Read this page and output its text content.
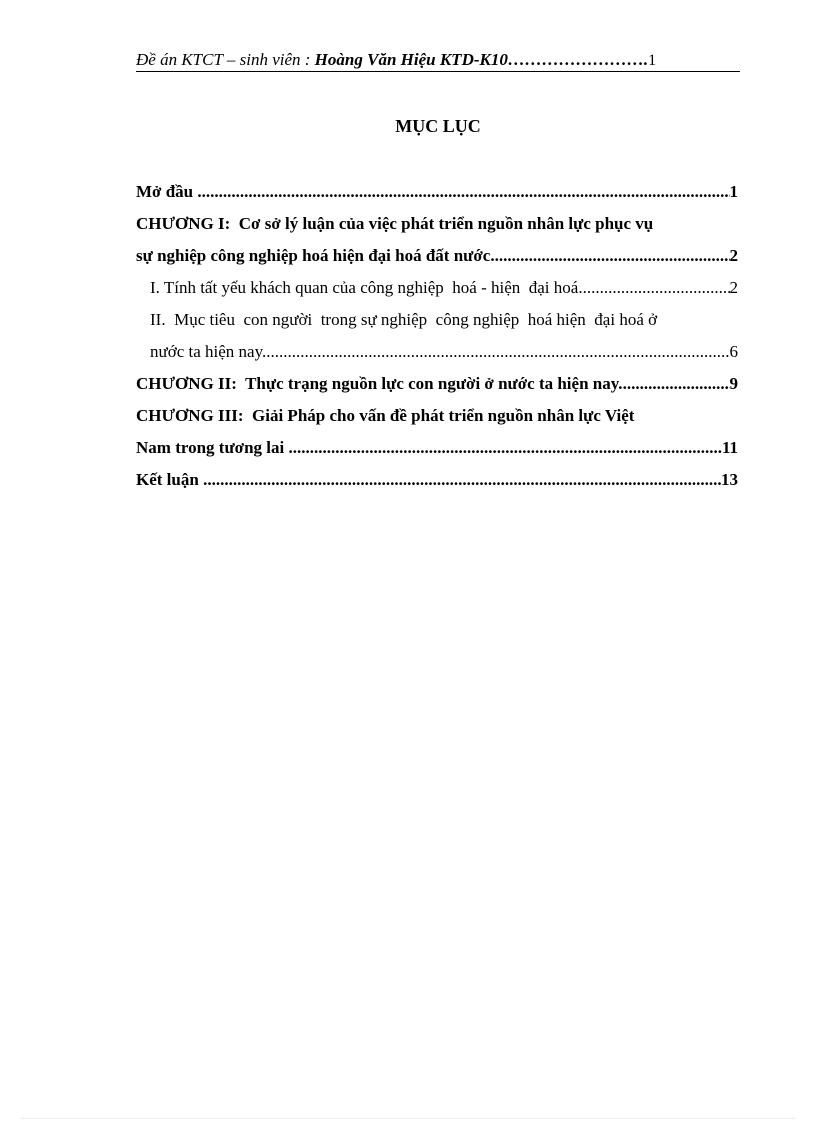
Đề án KTCT – sinh viên : Hoàng Văn Hiệu KTD-K10…………………….1
MỤC LỤC
Mở đầu .....	1
CHƯƠNG I:  Cơ sở lý luận của việc phát triển nguồn nhân lực phục vụ
sự nghiệp công nghiệp hoá hiện đại hoá đất nước .....	2
I. Tính tất yếu khách quan của công nghiệp  hoá - hiện  đại hoá .....	2
II.  Mục tiêu  con người  trong sự nghiệp  công nghiệp  hoá hiện  đại hoá ở
nước ta hiện nay. .....	6
CHƯƠNG II:  Thực trạng nguồn lực con người ở nước ta hiện nay. .....	9
CHƯƠNG III:  Giải Pháp cho vấn đề phát triển nguồn nhân lực Việt
Nam trong tương lai .....	11
Kết luận .....	13
